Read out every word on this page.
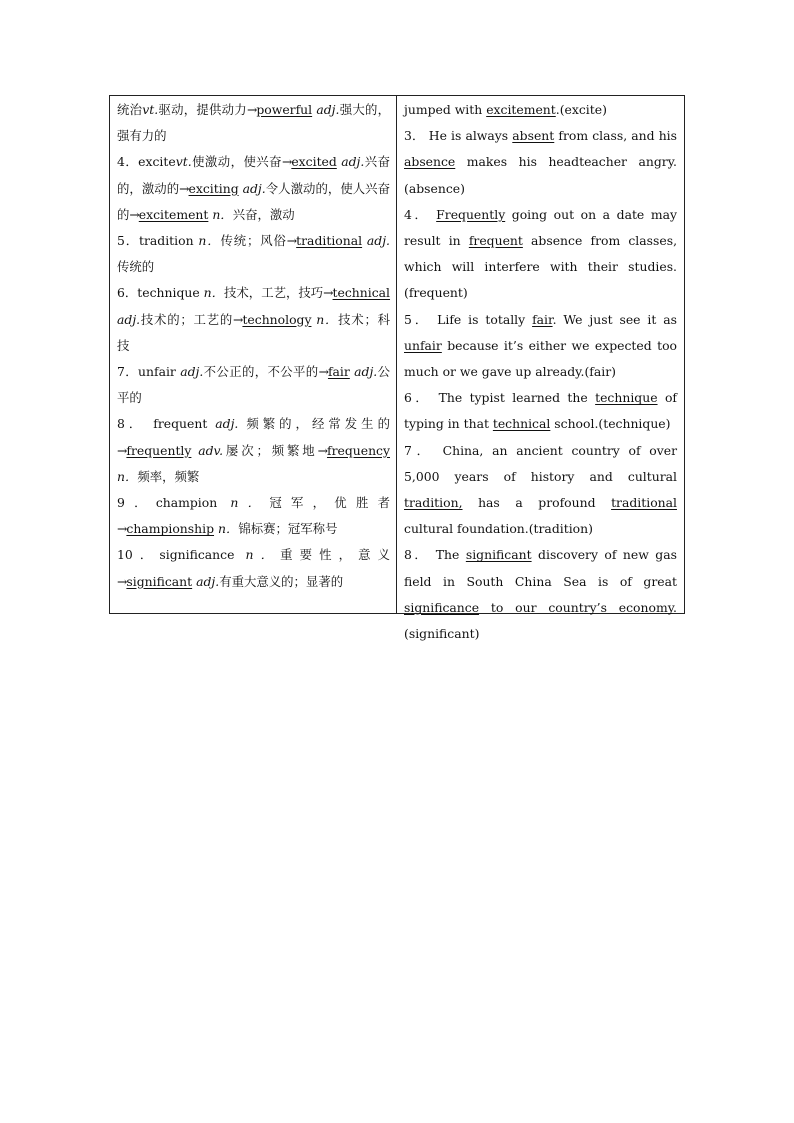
统治vt.驱动，提供动力→powerful adj.强大的，强有力的
4．excitevt.使激动，使兴奋→excited adj.兴奋的，激动的→exciting adj.令人激动的，使人兴奋的→excitement n．兴奋，激动
5．tradition n．传统；风俗→traditional adj.传统的
6．technique n．技术，工艺，技巧→technical adj.技术的；工艺的→technology n．技术；科技
7．unfair adj.不公正的，不公平的→fair adj.公平的
8． frequent adj. 频繁的，经常发生的→frequently adv.屡次；频繁地→frequency n．频率，频繁
9．champion n．冠军，优胜者→championship n．锦标赛；冠军称号
10．significance n．重要性，意义→significant adj.有重大意义的；显著的
jumped with excitement.(excite)
3． He is always absent from class, and his absence makes his headteacher angry.(absence)
4． Frequently going out on a date may result in frequent absence from classes, which will interfere with their studies.(frequent)
5． Life is totally fair. We just see it as unfair because it’s either we expected too much or we gave up already.(fair)
6． The typist learned the technique of typing in that technical school.(technique)
7． China, an ancient country of over 5,000 years of history and cultural tradition, has a profound traditional cultural foundation.(tradition)
8． The significant discovery of new gas field in South China Sea is of great significance to our country’s economy.(significant)
